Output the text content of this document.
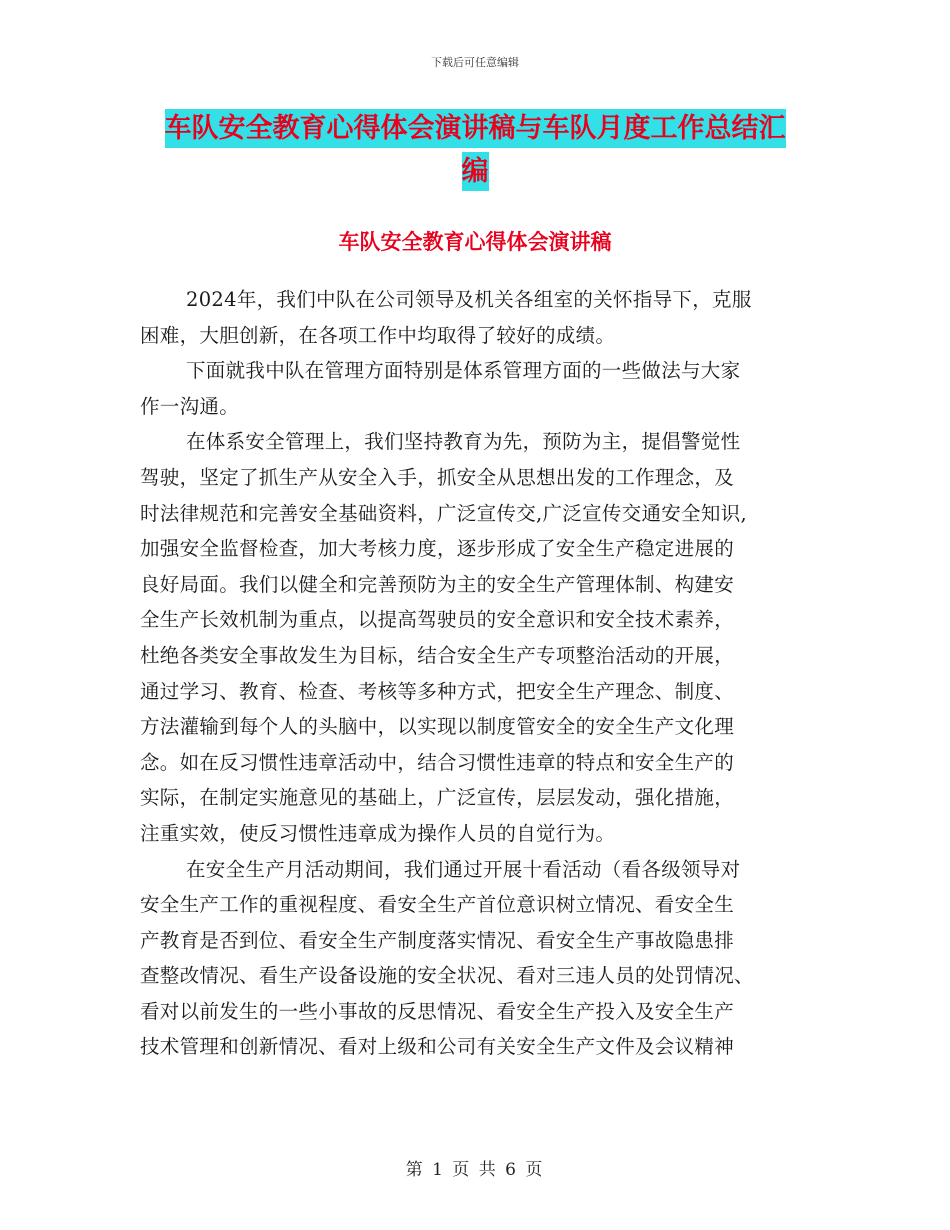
下载后可任意编辑
车队安全教育心得体会演讲稿与车队月度工作总结汇
编
车队安全教育心得体会演讲稿

2024年，我们中队在公司领导及机关各组室的关怀指导下，克服
困难，大胆创新，在各项工作中均取得了较好的成绩。

下面就我中队在管理方面特别是体系管理方面的一些做法与大家
作一沟通。

在体系安全管理上，我们坚持教育为先，预防为主，提倡警觉性
驾驶，坚定了抓生产从安全入手，抓安全从思想出发的工作理念，及
时法律规范和完善安全基础资料，广泛宣传交,广泛宣传交通安全知识,
加强安全监督检查，加大考核力度，逐步形成了安全生产稳定进展的
良好局面。我们以健全和完善预防为主的安全生产管理体制、构建安
全生产长效机制为重点，以提高驾驶员的安全意识和安全技术素养，
杜绝各类安全事故发生为目标，结合安全生产专项整治活动的开展，
通过学习、教育、检查、考核等多种方式，把安全生产理念、制度、
方法灌输到每个人的头脑中，以实现以制度管安全的安全生产文化理
念。如在反习惯性违章活动中，结合习惯性违章的特点和安全生产的
实际，在制定实施意见的基础上，广泛宣传，层层发动，强化措施，
注重实效，使反习惯性违章成为操作人员的自觉行为。

在安全生产月活动期间，我们通过开展十看活动（看各级领导对
安全生产工作的重视程度、看安全生产首位意识树立情况、看安全生
产教育是否到位、看安全生产制度落实情况、看安全生产事故隐患排
查整改情况、看生产设备设施的安全状况、看对三违人员的处罚情况、
看对以前发生的一些小事故的反思情况、看安全生产投入及安全生产
技术管理和创新情况、看对上级和公司有关安全生产文件及会议精神

第 1 页 共 6 页
